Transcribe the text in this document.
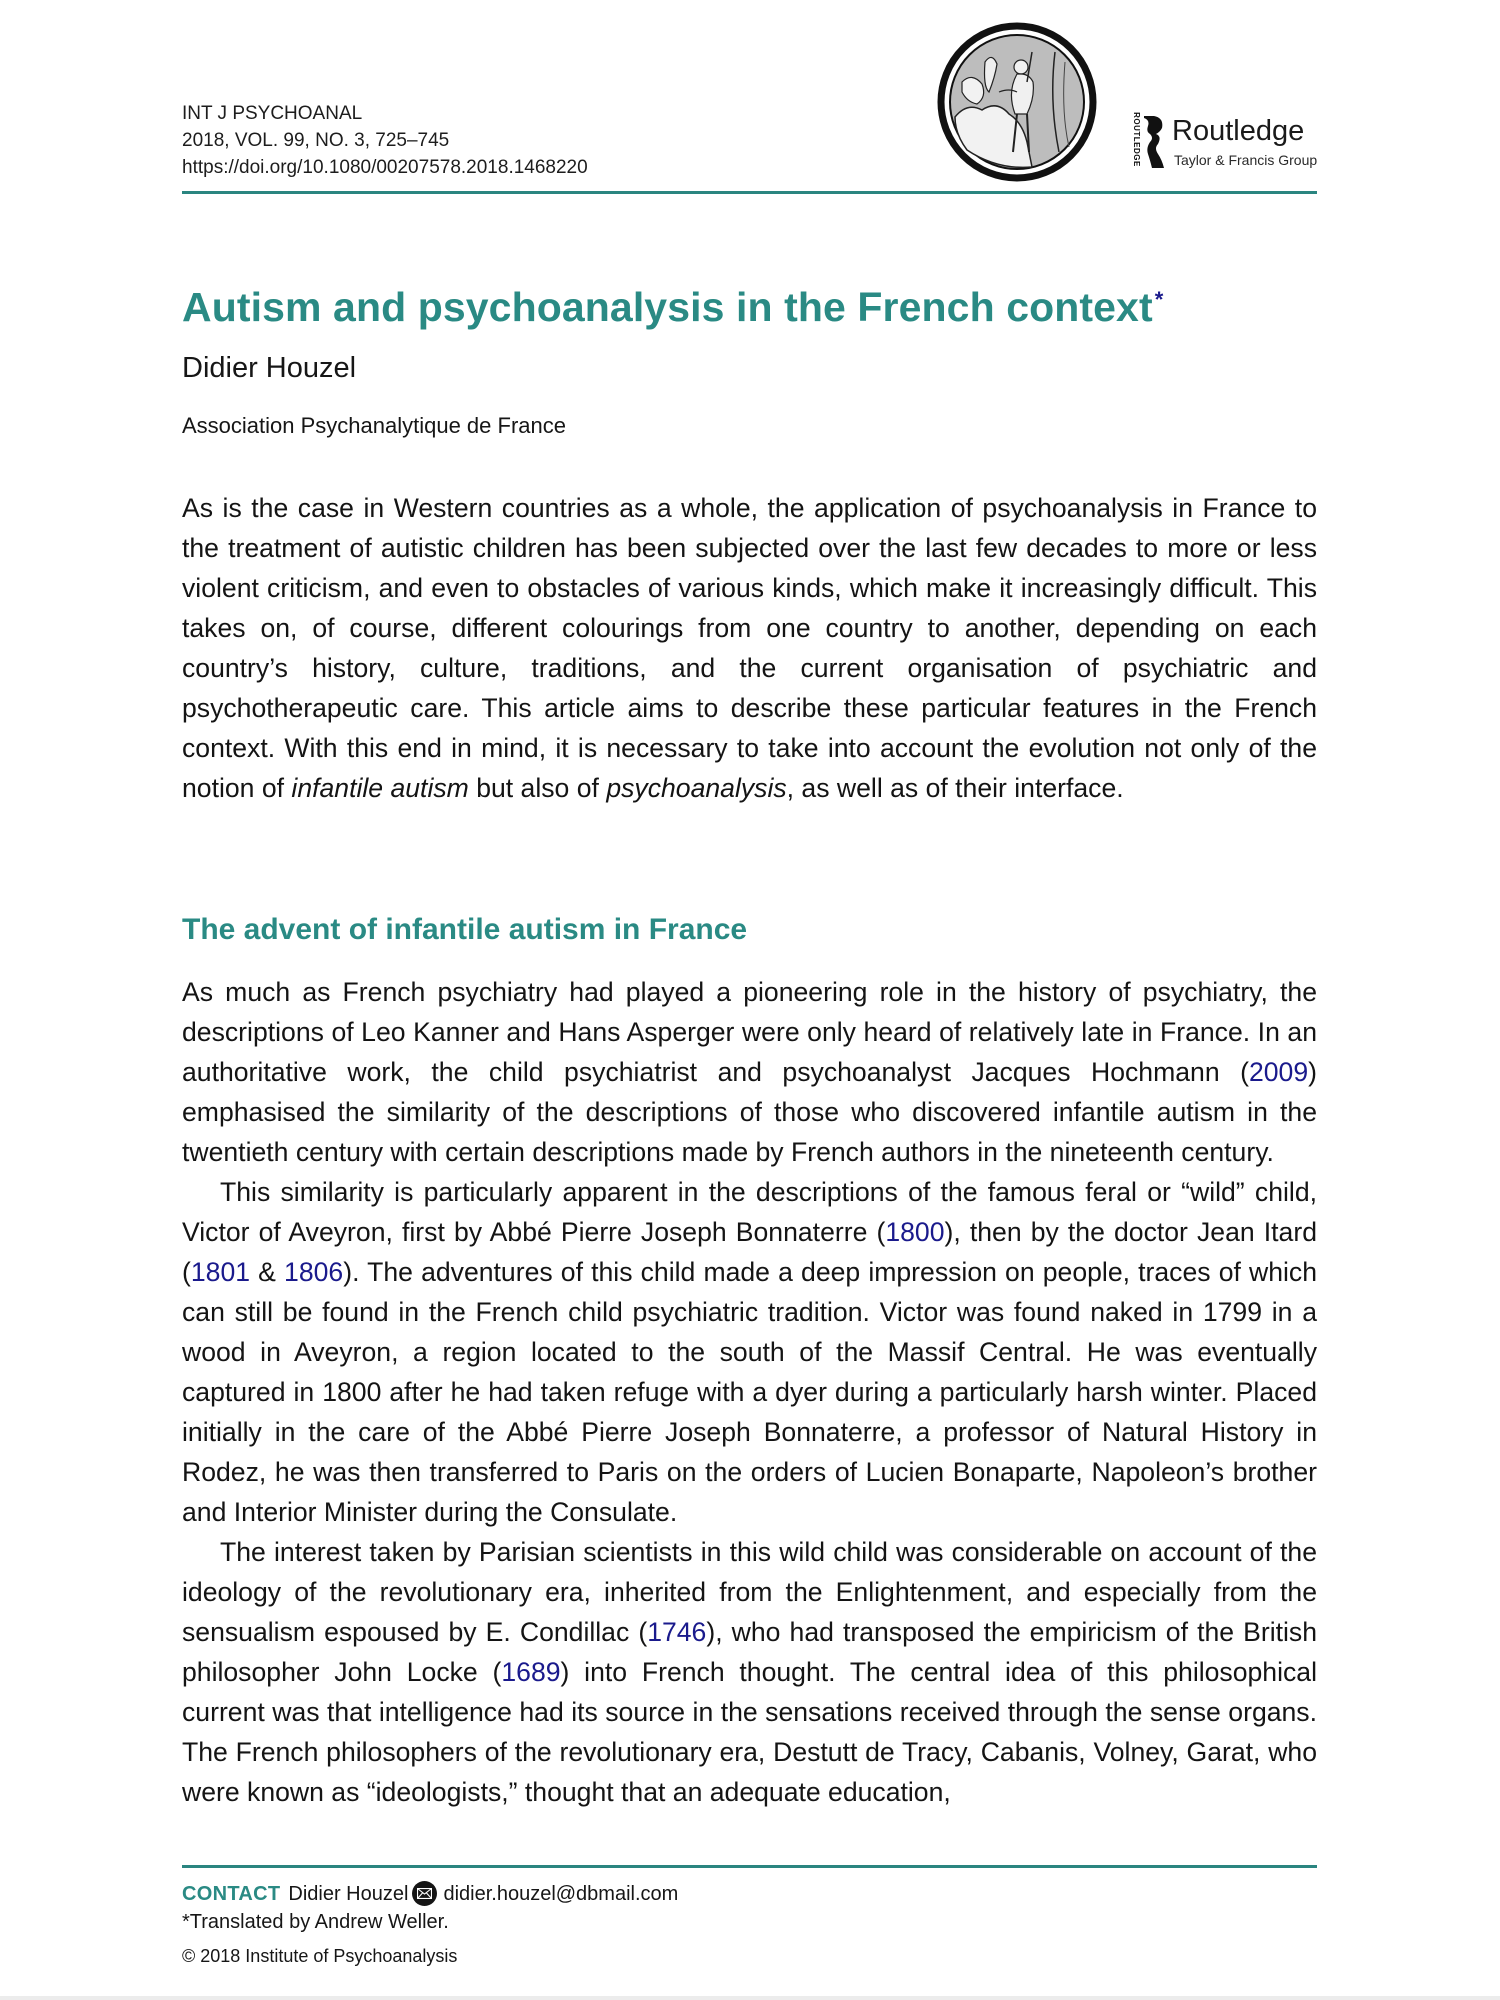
INT J PSYCHOANAL
2018, VOL. 99, NO. 3, 725–745
https://doi.org/10.1080/00207578.2018.1468220
ROUTLEDGE Routledge
Taylor & Francis Group
Autism and psychoanalysis in the French context*
Didier Houzel
Association Psychanalytique de France

As is the case in Western countries as a whole, the application of psychoanalysis in France to the treatment of autistic children has been subjected over the last few decades to more or less violent criticism, and even to obstacles of various kinds, which make it increasingly difficult. This takes on, of course, different colourings from one country to another, depending on each country’s history, culture, traditions, and the current organisation of psychiatric and psychotherapeutic care. This article aims to describe these particular features in the French context. With this end in mind, it is necessary to take into account the evolution not only of the notion of infantile autism but also of psychoanalysis, as well as of their interface.

The advent of infantile autism in France

As much as French psychiatry had played a pioneering role in the history of psychiatry, the descriptions of Leo Kanner and Hans Asperger were only heard of relatively late in France. In an authoritative work, the child psychiatrist and psychoanalyst Jacques Hochmann (2009) emphasised the similarity of the descriptions of those who discovered infantile autism in the twentieth century with certain descriptions made by French authors in the nineteenth century.

This similarity is particularly apparent in the descriptions of the famous feral or “wild” child, Victor of Aveyron, first by Abbé Pierre Joseph Bonnaterre (1800), then by the doctor Jean Itard (1801 & 1806). The adventures of this child made a deep impression on people, traces of which can still be found in the French child psychiatric tradition. Victor was found naked in 1799 in a wood in Aveyron, a region located to the south of the Massif Central. He was eventually captured in 1800 after he had taken refuge with a dyer during a particularly harsh winter. Placed initially in the care of the Abbé Pierre Joseph Bonnaterre, a professor of Natural History in Rodez, he was then transferred to Paris on the orders of Lucien Bonaparte, Napoleon’s brother and Interior Minister during the Consulate.

The interest taken by Parisian scientists in this wild child was considerable on account of the ideology of the revolutionary era, inherited from the Enlightenment, and especially from the sensualism espoused by E. Condillac (1746), who had transposed the empiricism of the British philosopher John Locke (1689) into French thought. The central idea of this philosophical current was that intelligence had its source in the sensations received through the sense organs. The French philosophers of the revolutionary era, Destutt de Tracy, Cabanis, Volney, Garat, who were known as “ideologists,” thought that an adequate education,

CONTACT Didier Houzel didier.houzel@dbmail.com
*Translated by Andrew Weller.
© 2018 Institute of Psychoanalysis
